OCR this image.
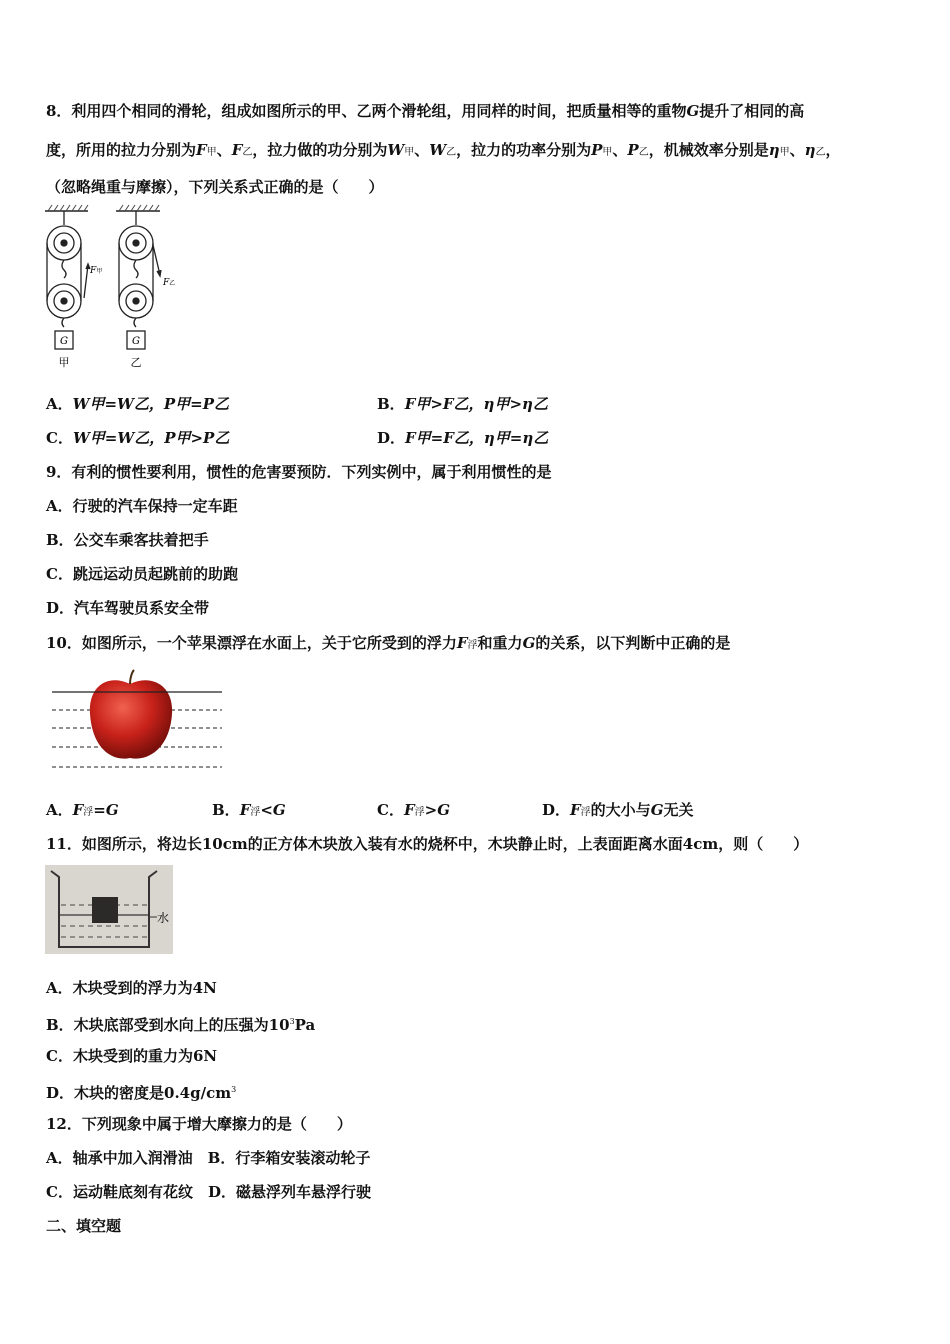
8．利用四个相同的滑轮，组成如图所示的甲、乙两个滑轮组，用同样的时间，把质量相等的重物G提升了相同的高
度，所用的拉力分别为F甲、F乙，拉力做的功分别为W甲、W乙，拉力的功率分别为P甲、P乙，机械效率分别是η甲、η乙，
（忽略绳重与摩擦），下列关系式正确的是（　　）
G
F甲
甲
G
F乙
乙
A．W甲=W乙，P甲=P乙	B．F甲>F乙，η甲>η乙
C．W甲=W乙，P甲>P乙	D．F甲=F乙，η甲=η乙
9．有利的惯性要利用，惯性的危害要预防．下列实例中，属于利用惯性的是
A．行驶的汽车保持一定车距
B．公交车乘客扶着把手
C．跳远运动员起跳前的助跑
D．汽车驾驶员系安全带
10．如图所示，一个苹果漂浮在水面上，关于它所受到的浮力F浮和重力G的关系，以下判断中正确的是
A．F浮=G	B．F浮<G	C．F浮>G	D．F浮的大小与G无关
11．如图所示，将边长10cm的正方体木块放入装有水的烧杯中，木块静止时，上表面距离水面4cm，则（　　）
水
A．木块受到的浮力为4N
B．木块底部受到水向上的压强为$10^3Pa$
C．木块受到的重力为6N
D．木块的密度是$0.4g/cm^3$
12．下列现象中属于增大摩擦力的是（　　）
A．轴承中加入润滑油　B．行李箱安装滚动轮子
C．运动鞋底刻有花纹　D．磁悬浮列车悬浮行驶
二、填空题
